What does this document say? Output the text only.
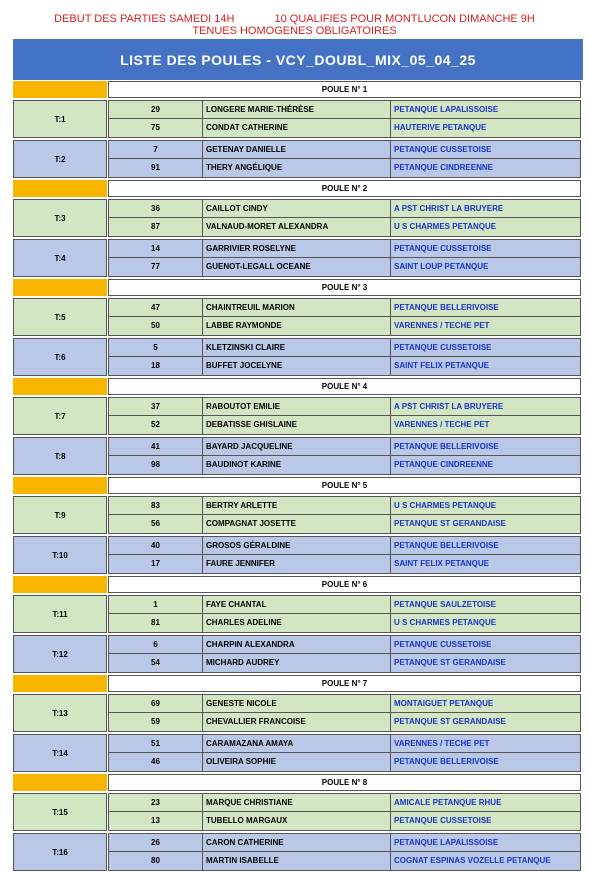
DEBUT DES PARTIES SAMEDI 14H	10 QUALIFIES POUR MONTLUCON DIMANCHE 9H
TENUES HOMOGENES OBLIGATOIRES
LISTE DES POULES - VCY_DOUBL_MIX_05_04_25
POULE N° 1
T:1
29	LONGERE MARIE-THÉRÈSE	PETANQUE LAPALISSOISE
75	CONDAT CATHERINE	HAUTERIVE PETANQUE
T:2
7	GETENAY DANIELLE	PETANQUE CUSSETOISE
91	THERY ANGÉLIQUE	PETANQUE CINDREENNE
POULE N° 2
T:3
36	CAILLOT CINDY	A PST CHRIST LA BRUYERE
87	VALNAUD-MORET ALEXANDRA	U S CHARMES PETANQUE
T:4
14	GARRIVIER ROSELYNE	PETANQUE CUSSETOISE
77	GUENOT-LEGALL OCEANE	SAINT LOUP PETANQUE
POULE N° 3
T:5
47	CHAINTREUIL MARION	PETANQUE BELLERIVOISE
50	LABBE RAYMONDE	VARENNES / TECHE PET
T:6
5	KLETZINSKI CLAIRE	PETANQUE CUSSETOISE
18	BUFFET JOCELYNE	SAINT FELIX PETANQUE
POULE N° 4
T:7
37	RABOUTOT EMILIE	A PST CHRIST LA BRUYERE
52	DEBATISSE GHISLAINE	VARENNES / TECHE PET
T:8
41	BAYARD JACQUELINE	PETANQUE BELLERIVOISE
98	BAUDINOT KARINE	PETANQUE CINDREENNE
POULE N° 5
T:9
83	BERTRY ARLETTE	U S CHARMES PETANQUE
56	COMPAGNAT JOSETTE	PETANQUE ST GERANDAISE
T:10
40	GROSOS GÉRALDINE	PETANQUE BELLERIVOISE
17	FAURE JENNIFER	SAINT FELIX PETANQUE
POULE N° 6
T:11
1	FAYE CHANTAL	PETANQUE SAULZETOISE
81	CHARLES ADELINE	U S CHARMES PETANQUE
T:12
6	CHARPIN ALEXANDRA	PETANQUE CUSSETOISE
54	MICHARD AUDREY	PETANQUE ST GERANDAISE
POULE N° 7
T:13
69	GENESTE NICOLE	MONTAIGUET PETANQUE
59	CHEVALLIER FRANCOISE	PETANQUE ST GERANDAISE
T:14
51	CARAMAZANA AMAYA	VARENNES / TECHE PET
46	OLIVEIRA SOPHIE	PETANQUE BELLERIVOISE
POULE N° 8
T:15
23	MARQUE CHRISTIANE	AMICALE PETANQUE RHUE
13	TUBELLO MARGAUX	PETANQUE CUSSETOISE
T:16
26	CARON CATHERINE	PETANQUE LAPALISSOISE
80	MARTIN ISABELLE	COGNAT ESPINAS VOZELLE PETANQUE
